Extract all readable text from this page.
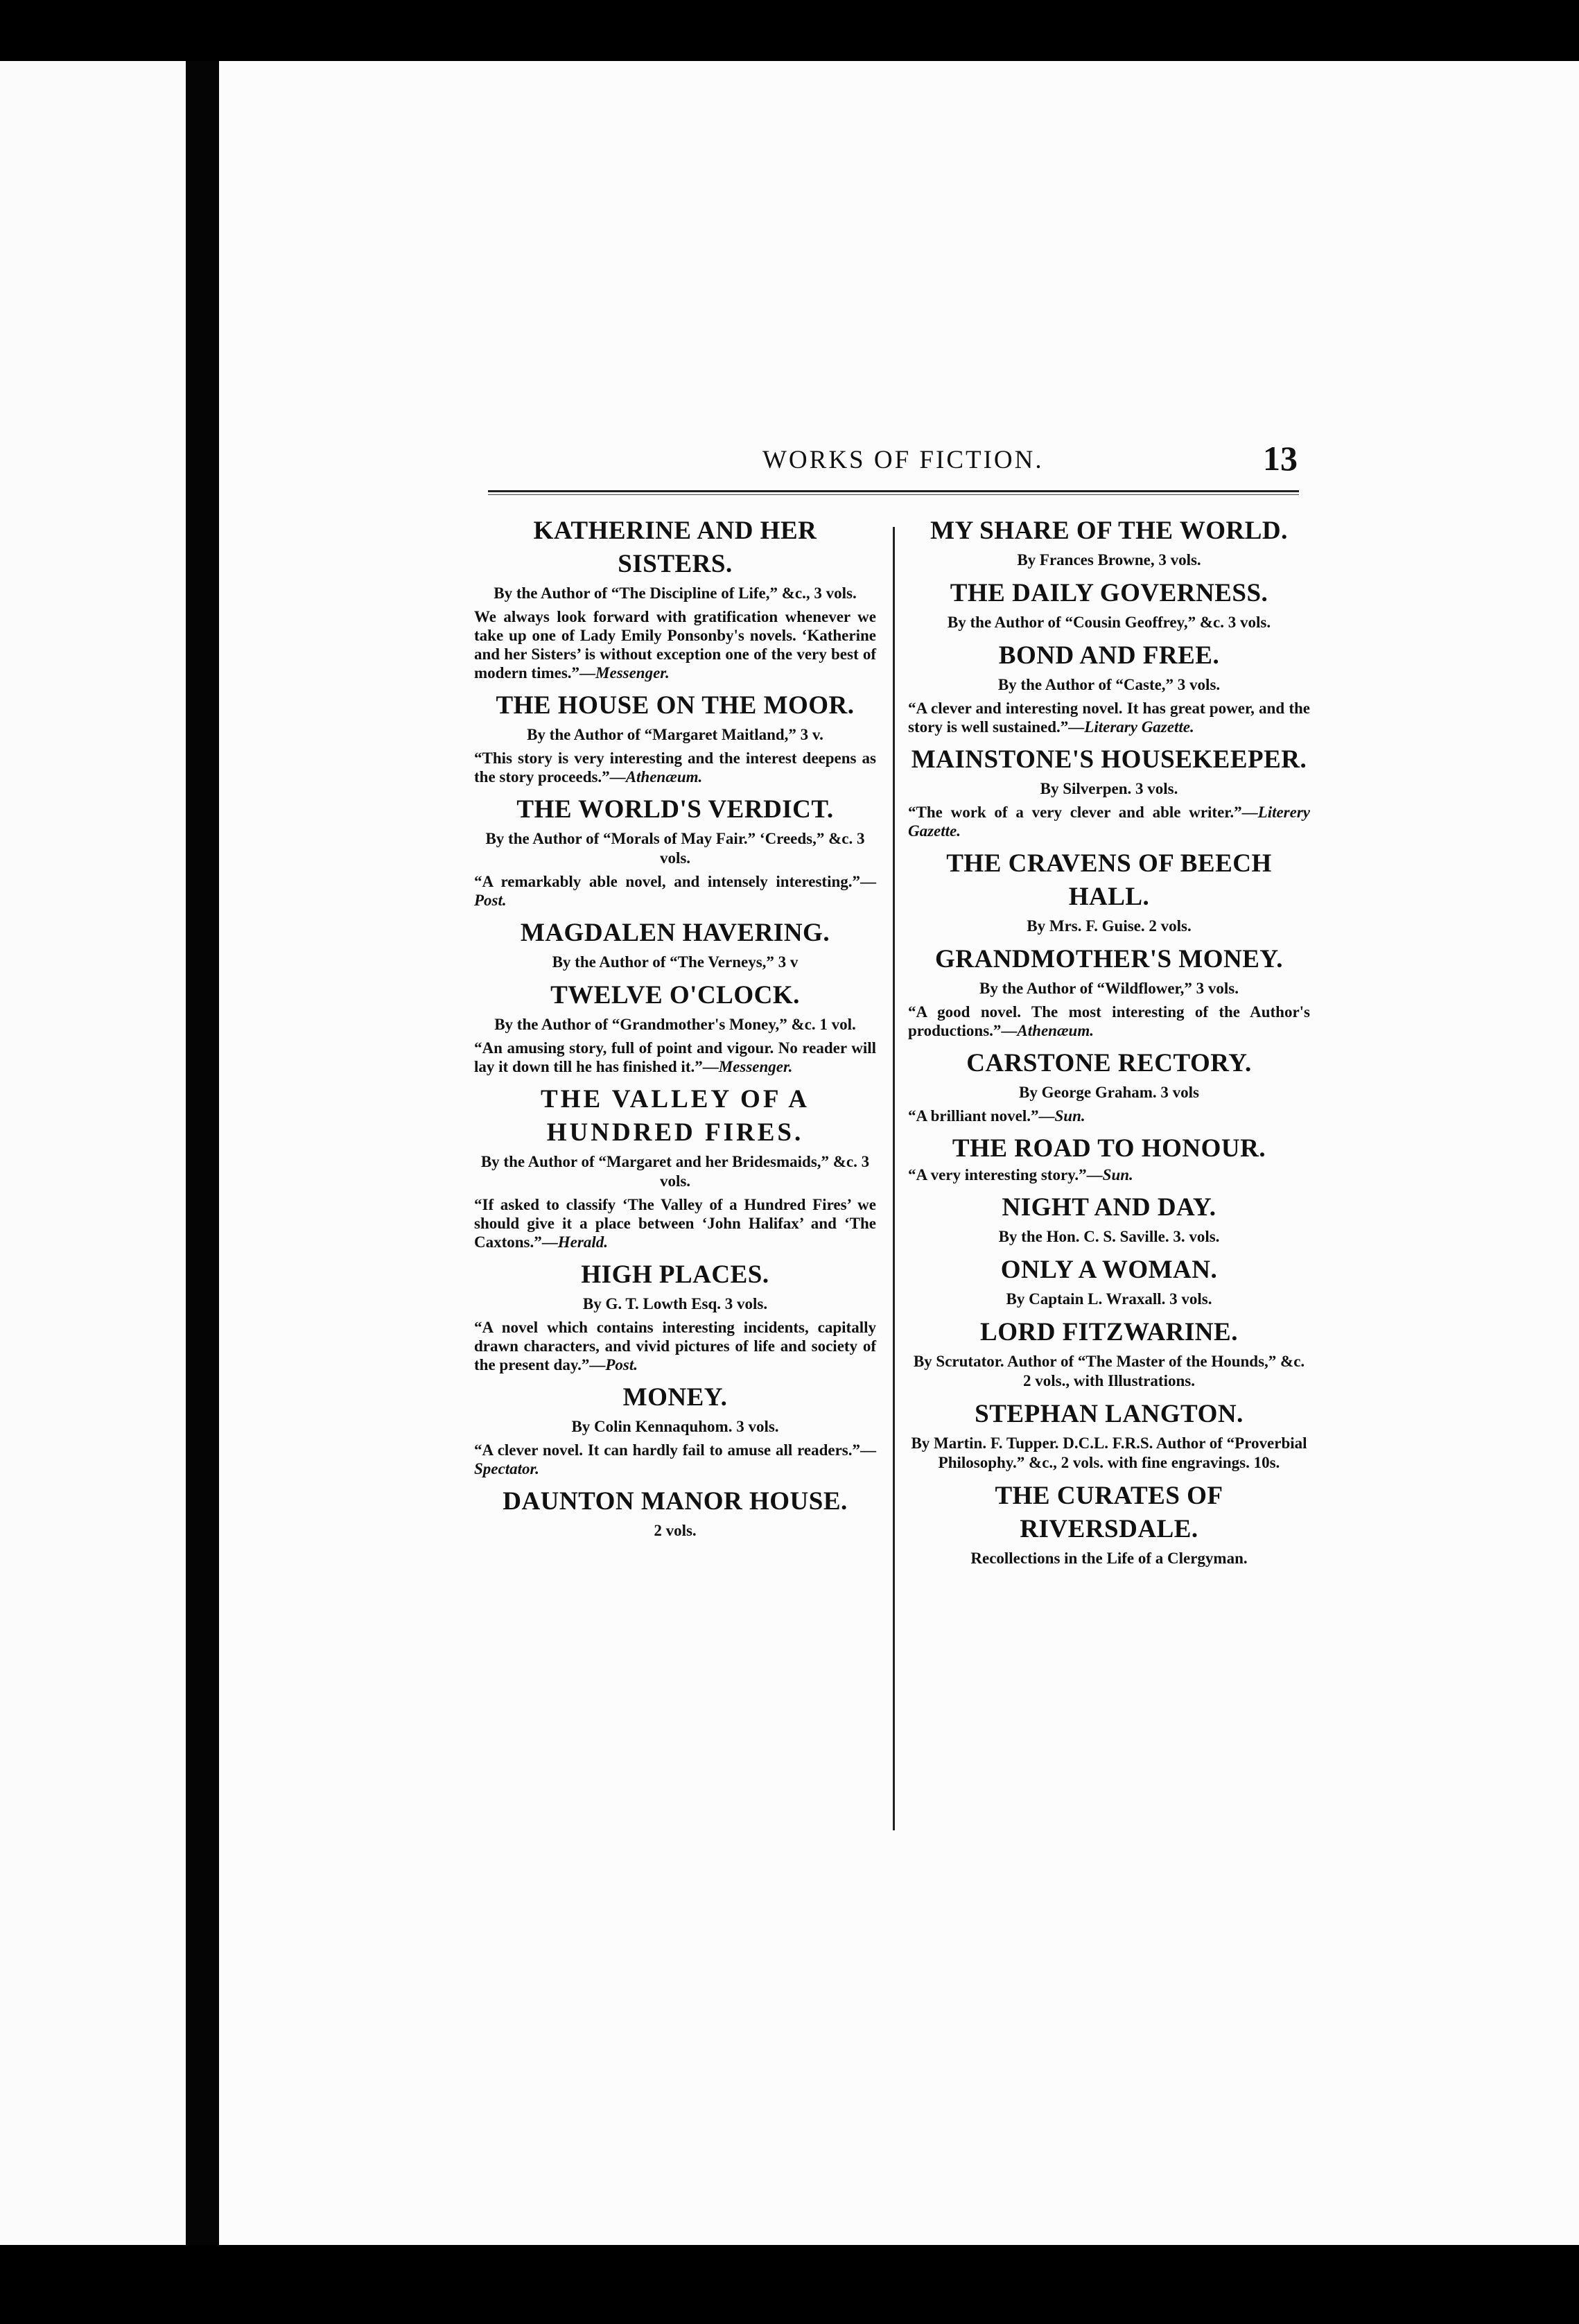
WORKS OF FICTION.	13
KATHERINE AND HER SISTERS.
By the Author of “The Discipline of Life,” &c., 3 vols.
We always look forward with gratification whenever we take up one of Lady Emily Ponsonby's novels. ‘Katherine and her Sisters’ is without exception one of the very best of modern times.”—Messenger.
THE HOUSE ON THE MOOR.
By the Author of “Margaret Maitland,” 3 v.
“This story is very interesting and the interest deepens as the story proceeds.”—Athenæum.
THE WORLD'S VERDICT.
By the Author of “Morals of May Fair.” ‘Creeds,” &c. 3 vols.
“A remarkably able novel, and intensely interesting.”—Post.
MAGDALEN HAVERING.
By the Author of “The Verneys,” 3 v
TWELVE O'CLOCK.
By the Author of “Grandmother's Money,” &c. 1 vol.
“An amusing story, full of point and vigour. No reader will lay it down till he has finished it.”—Messenger.
THE VALLEY OF A HUNDRED FIRES.
By the Author of “Margaret and her Bridesmaids,” &c. 3 vols.
“If asked to classify ‘The Valley of a Hundred Fires’ we should give it a place between ‘John Halifax’ and ‘The Caxtons.”—Herald.
HIGH PLACES.
By G. T. Lowth Esq. 3 vols.
“A novel which contains interesting incidents, capitally drawn characters, and vivid pictures of life and society of the present day.”—Post.
MONEY.
By Colin Kennaquhom. 3 vols.
“A clever novel. It can hardly fail to amuse all readers.”—Spectator.
DAUNTON MANOR HOUSE.
2 vols.
MY SHARE OF THE WORLD.
By Frances Browne, 3 vols.
THE DAILY GOVERNESS.
By the Author of “Cousin Geoffrey,” &c. 3 vols.
BOND AND FREE.
By the Author of “Caste,” 3 vols.
“A clever and interesting novel. It has great power, and the story is well sustained.”—Literary Gazette.
MAINSTONE'S HOUSEKEEPER.
By Silverpen. 3 vols.
“The work of a very clever and able writer.”—Literery Gazette.
THE CRAVENS OF BEECH HALL.
By Mrs. F. Guise. 2 vols.
GRANDMOTHER'S MONEY.
By the Author of “Wildflower,” 3 vols.
“A good novel. The most interesting of the Author's productions.”—Athenæum.
CARSTONE RECTORY.
By George Graham. 3 vols
“A brilliant novel.”—Sun.
THE ROAD TO HONOUR.
“A very interesting story.”—Sun.
NIGHT AND DAY.
By the Hon. C. S. Saville. 3. vols.
ONLY A WOMAN.
By Captain L. Wraxall. 3 vols.
LORD FITZWARINE.
By Scrutator. Author of “The Master of the Hounds,” &c. 2 vols., with Illustrations.
STEPHAN LANGTON.
By Martin. F. Tupper. D.C.L. F.R.S. Author of “Proverbial Philosophy.” &c., 2 vols. with fine engravings. 10s.
THE CURATES OF RIVERSDALE.
Recollections in the Life of a Clergyman.
